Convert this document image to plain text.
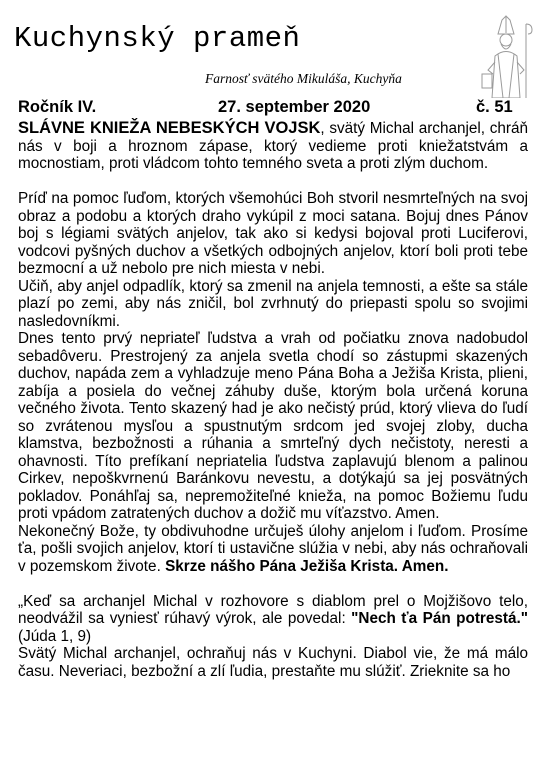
Kuchynský prameň
Farnosť svätého Mikuláša, Kuchyňa
Ročník IV.	27. september 2020	č. 51

SLÁVNE KNIEŽA NEBESKÝCH VOJSK, svätý Michal archanjel, chráň nás v boji a hroznom zápase, ktorý vedieme proti kniežatstvám a mocnostiam, proti vládcom tohto temného sveta a proti zlým duchom.

Príď na pomoc ľuďom, ktorých všemohúci Boh stvoril nesmrteľných na svoj obraz a podobu a ktorých draho vykúpil z moci satana. Bojuj dnes Pánov boj s légiami svätých anjelov, tak ako si kedysi bojoval proti Luciferovi, vodcovi pyšných duchov a všetkých odbojných anjelov, ktorí boli proti tebe bezmocní a už nebolo pre nich miesta v nebi.

Učiň, aby anjel odpadlík, ktorý sa zmenil na anjela temnosti, a ešte sa stále plazí po zemi, aby nás zničil, bol zvrhnutý do priepasti spolu so svojimi nasledovníkmi.

Dnes tento prvý nepriateľ ľudstva a vrah od počiatku znova nadobudol sebadôveru. Prestrojený za anjela svetla chodí so zástupmi skazených duchov, napáda zem a vyhladzuje meno Pána Boha a Ježiša Krista, plieni, zabíja a posiela do večnej záhuby duše, ktorým bola určená koruna večného života. Tento skazený had je ako nečistý prúd, ktorý vlieva do ľudí so zvrátenou mysľou a spustnutým srdcom jed svojej zloby, ducha klamstva, bezbožnosti a rúhania a smrteľný dych nečistoty, neresti a ohavnosti. Títo prefíkaní nepriatelia ľudstva zaplavujú blenom a palinou Cirkev, nepoškvrnenú Baránkovu nevestu, a dotýkajú sa jej posvätných pokladov. Ponáhľaj sa, nepremožiteľné knieža, na pomoc Božiemu ľudu proti vpádom zatratených duchov a dožič mu víťazstvo. Amen.

Nekonečný Bože, ty obdivuhodne určuješ úlohy anjelom i ľuďom. Prosíme ťa, pošli svojich anjelov, ktorí ti ustavične slúžia v nebi, aby nás ochraňovali v pozemskom živote. Skrze nášho Pána Ježiša Krista. Amen.

„Keď sa archanjel Michal v rozhovore s diablom prel o Mojžišovo telo, neodvážil sa vyniesť rúhavý výrok, ale povedal: "Nech ťa Pán potrestá." (Júda 1, 9)

Svätý Michal archanjel, ochraňuj nás v Kuchyni. Diabol vie, že má málo času. Neveriaci, bezbožní a zlí ľudia, prestaňte mu slúžiť. Zrieknite sa ho
